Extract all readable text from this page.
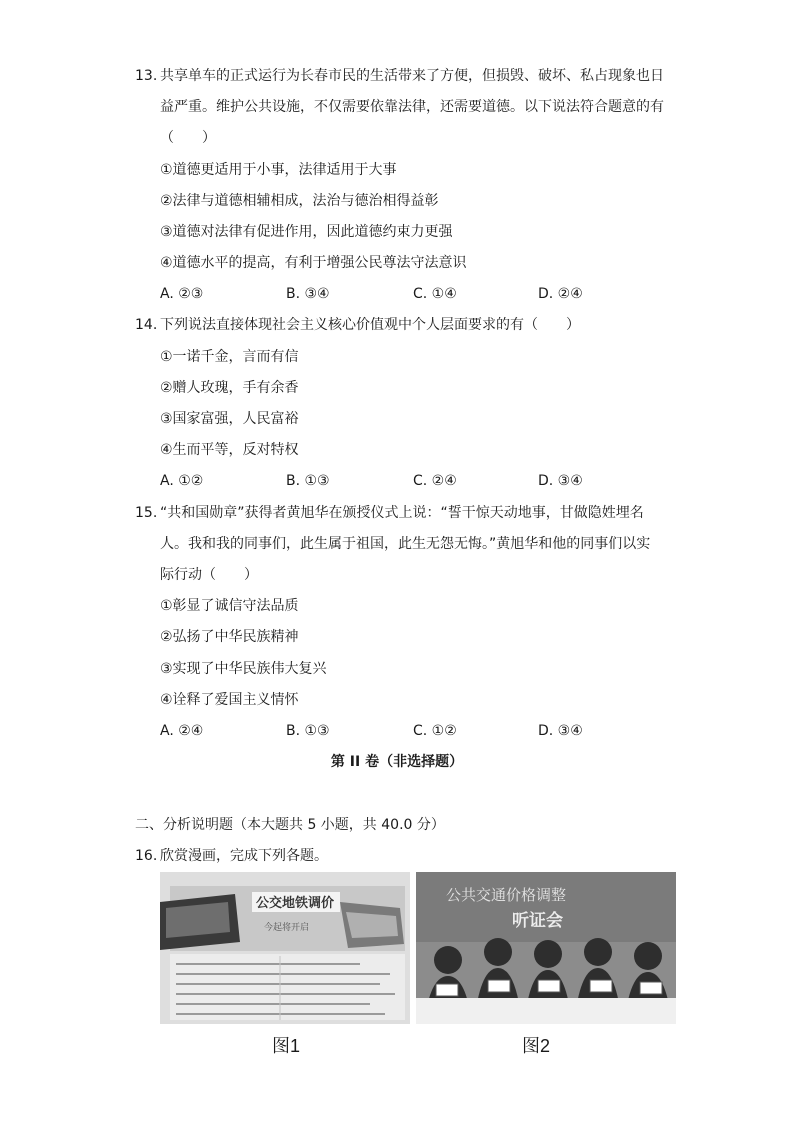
13. 共享单车的正式运行为长春市民的生活带来了方便，但损毁、破坏、私占现象也日
益严重。维护公共设施，不仅需要依靠法律，还需要道德。以下说法符合题意的有
（　　）
①道德更适用于小事，法律适用于大事
②法律与道德相辅相成，法治与德治相得益彰
③道德对法律有促进作用，因此道德约束力更强
④道德水平的提高，有利于增强公民尊法守法意识
A. ②③	B. ③④	C. ①④	D. ②④
14. 下列说法直接体现社会主义核心价值观中个人层面要求的有（　　）
①一诺千金，言而有信
②赠人玫瑰，手有余香
③国家富强，人民富裕
④生而平等，反对特权
A. ①②	B. ①③	C. ②④	D. ③④
15. “共和国勋章”获得者黄旭华在颁授仪式上说：“誓干惊天动地事，甘做隐姓埋名
人。我和我的同事们，此生属于祖国，此生无怨无悔。”黄旭华和他的同事们以实
际行动（　　）
①彰显了诚信守法品质
②弘扬了中华民族精神
③实现了中华民族伟大复兴
④诠释了爱国主义情怀
A. ②④	B. ①③	C. ①②	D. ③④
第 II 卷（非选择题）
二、分析说明题（本大题共 5 小题，共 40.0 分）
16. 欣赏漫画，完成下列各题。
公交地铁调价
今起将开启
公共交通价格调整
听证会
图1	图2
